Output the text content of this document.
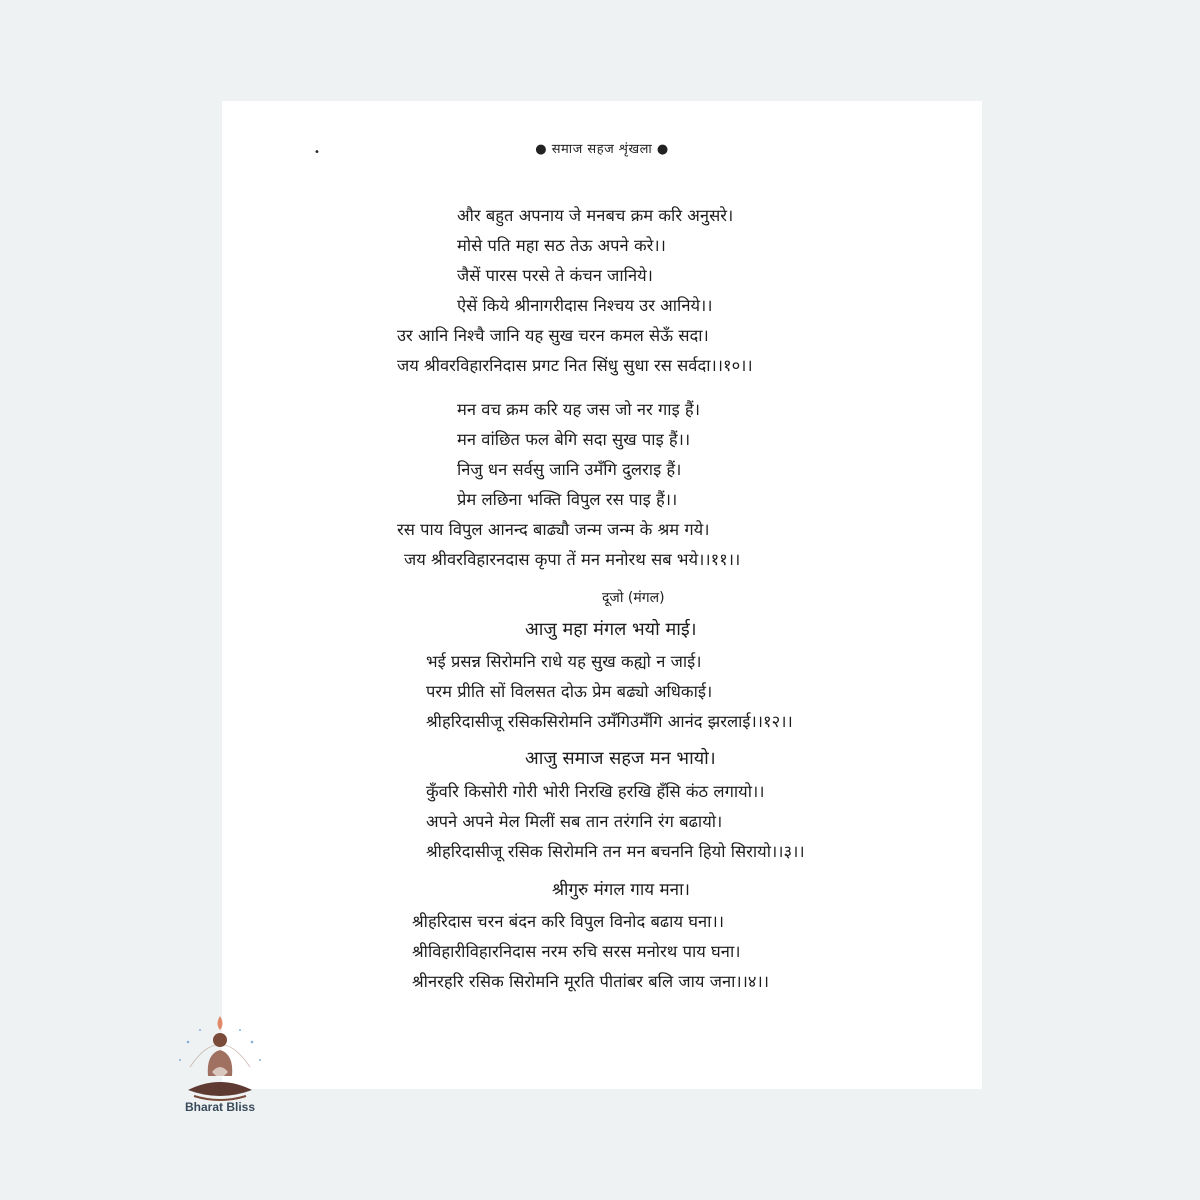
•	● समाज सहज शृंखला ●
और बहुत अपनाय जे मनबच क्रम करि अनुसरे।
मोसे पति महा सठ तेऊ अपने करे।।
जैसें पारस परसे ते कंचन जानिये।
ऐसें किये श्रीनागरीदास निश्चय उर आनिये।।
उर आनि निश्चै जानि यह सुख चरन कमल सेऊँ सदा।
जय श्रीवरविहारनिदास प्रगट नित सिंधु सुधा रस सर्वदा।।१०।।
मन वच क्रम करि यह जस जो नर गाइ हैं।
मन वांछित फल बेगि सदा सुख पाइ हैं।।
निजु धन सर्वसु जानि उमँगि दुलराइ हैं।
प्रेम लछिना भक्ति विपुल रस पाइ हैं।।
रस पाय विपुल आनन्द बाढ्यौ जन्म जन्म के श्रम गये।
जय श्रीवरविहारनदास कृपा तें मन मनोरथ सब भये।।११।।
दूजो (मंगल)
आजु महा मंगल भयो माई।
भई प्रसन्न सिरोमनि राधे यह सुख कह्यो न जाई।
परम प्रीति सों विलसत दोऊ प्रेम बढ्यो अधिकाई।
श्रीहरिदासीजू रसिकसिरोमनि उमँगिउमँगि आनंद झरलाई।।१२।।
आजु समाज सहज मन भायो।
कुँवरि किसोरी गोरी भोरी निरखि हरखि हँसि कंठ लगायो।।
अपने अपने मेल मिलीं सब तान तरंगनि रंग बढायो।
श्रीहरिदासीजू रसिक सिरोमनि तन मन बचननि हियो सिरायो।।३।।
श्रीगुरु मंगल गाय मना।
श्रीहरिदास चरन बंदन करि विपुल विनोद बढाय घना।।
श्रीविहारीविहारनिदास नरम रुचि सरस मनोरथ पाय घना।
श्रीनरहरि रसिक सिरोमनि मूरति पीतांबर बलि जाय जना।।४।।
Bharat Bliss
